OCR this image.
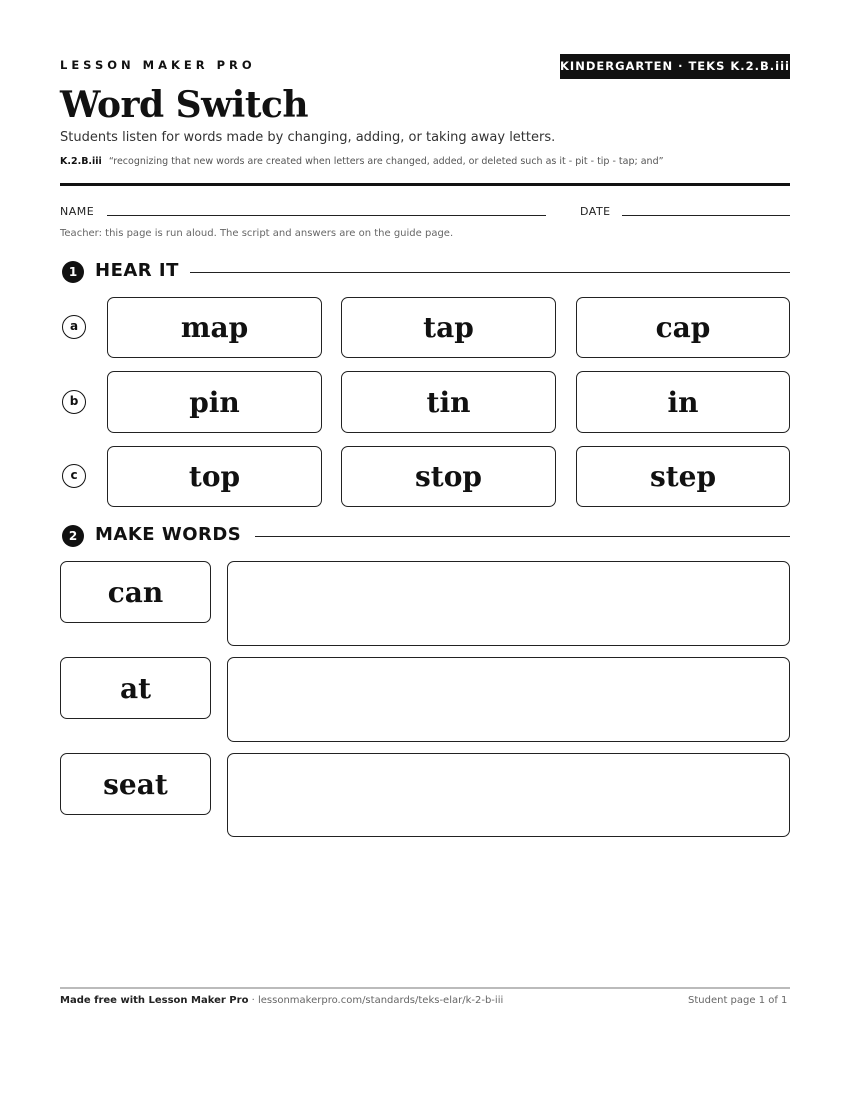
LESSON MAKER PRO	KINDERGARTEN · TEKS K.2.B.iii
Word Switch
Students listen for words made by changing, adding, or taking away letters.
K.2.B.iii “recognizing that new words are created when letters are changed, added, or deleted such as it - pit - tip - tap; and”
NAME	DATE
Teacher: this page is run aloud. The script and answers are on the guide page.
1 HEAR IT
a	map	tap	cap
b	pin	tin	in
c	top	stop	step
2 MAKE WORDS
can
at
seat
Made free with Lesson Maker Pro · lessonmakerpro.com/standards/teks-elar/k-2-b-iii	Student page 1 of 1
